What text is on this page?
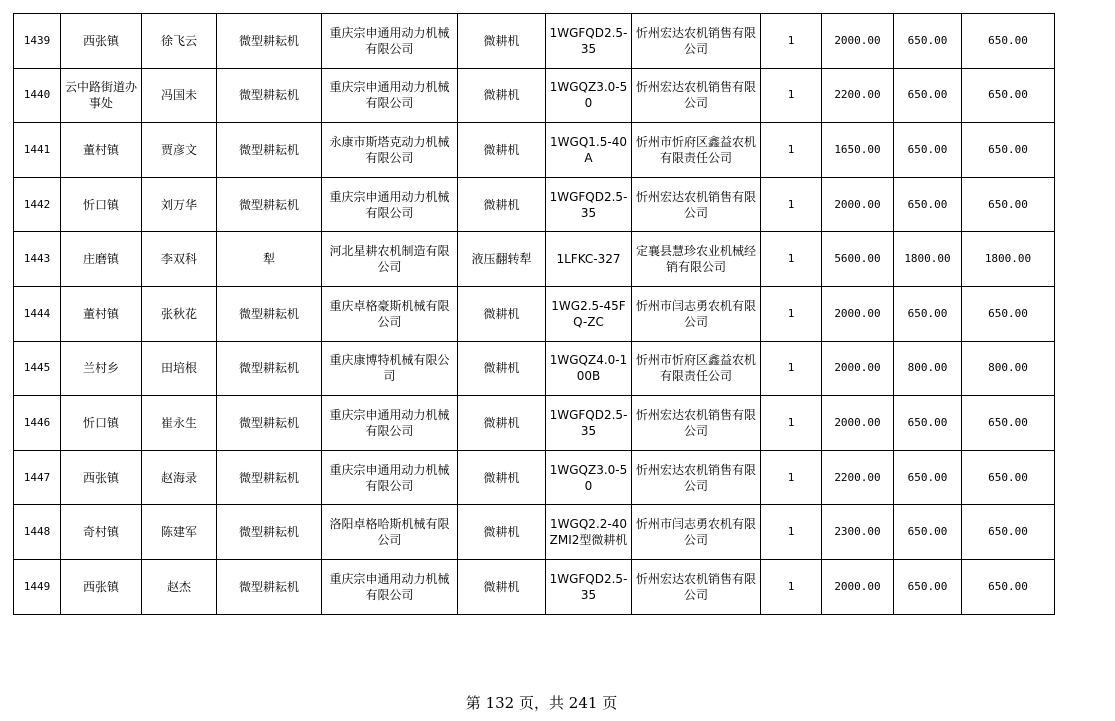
1439	西张镇	徐飞云	微型耕耘机	重庆宗申通用动力机械有限公司	微耕机	1WGFQD2.5-35	忻州宏达农机销售有限公司	1	2000.00	650.00	650.00
1440	云中路街道办事处	冯国未	微型耕耘机	重庆宗申通用动力机械有限公司	微耕机	1WGQZ3.0-50	忻州宏达农机销售有限公司	1	2200.00	650.00	650.00
1441	董村镇	贾彦文	微型耕耘机	永康市斯塔克动力机械有限公司	微耕机	1WGQ1.5-40A	忻州市忻府区鑫益农机有限责任公司	1	1650.00	650.00	650.00
1442	忻口镇	刘万华	微型耕耘机	重庆宗申通用动力机械有限公司	微耕机	1WGFQD2.5-35	忻州宏达农机销售有限公司	1	2000.00	650.00	650.00
1443	庄磨镇	李双科	犁	河北星耕农机制造有限公司	液压翻转犁	1LFKC-327	定襄县慧珍农业机械经销有限公司	1	5600.00	1800.00	1800.00
1444	董村镇	张秋花	微型耕耘机	重庆卓格豪斯机械有限公司	微耕机	1WG2.5-45FQ-ZC	忻州市闫志勇农机有限公司	1	2000.00	650.00	650.00
1445	兰村乡	田培根	微型耕耘机	重庆康博特机械有限公司	微耕机	1WGQZ4.0-100B	忻州市忻府区鑫益农机有限责任公司	1	2000.00	800.00	800.00
1446	忻口镇	崔永生	微型耕耘机	重庆宗申通用动力机械有限公司	微耕机	1WGFQD2.5-35	忻州宏达农机销售有限公司	1	2000.00	650.00	650.00
1447	西张镇	赵海录	微型耕耘机	重庆宗申通用动力机械有限公司	微耕机	1WGQZ3.0-50	忻州宏达农机销售有限公司	1	2200.00	650.00	650.00
1448	奇村镇	陈建军	微型耕耘机	洛阳卓格哈斯机械有限公司	微耕机	1WGQ2.2-40ZMI2型微耕机	忻州市闫志勇农机有限公司	1	2300.00	650.00	650.00
1449	西张镇	赵杰	微型耕耘机	重庆宗申通用动力机械有限公司	微耕机	1WGFQD2.5-35	忻州宏达农机销售有限公司	1	2000.00	650.00	650.00
第 132 页，共 241 页
